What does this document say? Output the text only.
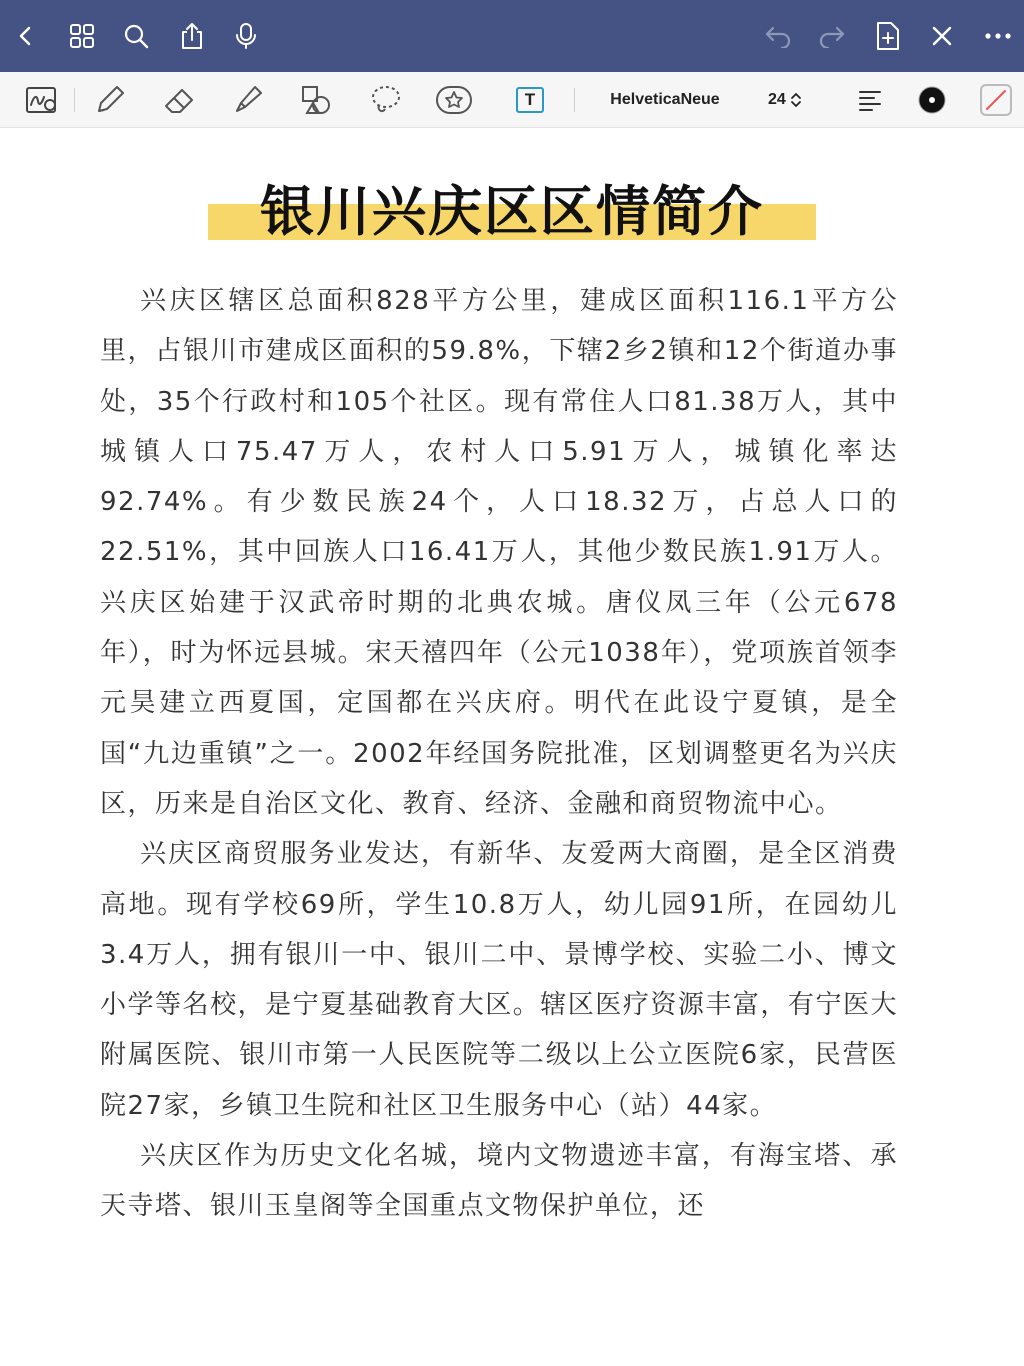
T	HelveticaNeue	24
银川兴庆区区情简介

兴庆区辖区总面积828平方公里，建成区面积116.1平方公里，占银川市建成区面积的59.8%，下辖2乡2镇和12个街道办事处，35个行政村和105个社区。现有常住人口81.38万人，其中城镇人口75.47万人，农村人口5.91万人，城镇化率达92.74%。有少数民族24个，人口18.32万，占总人口的22.51%，其中回族人口16.41万人，其他少数民族1.91万人。兴庆区始建于汉武帝时期的北典农城。唐仪凤三年（公元678年），时为怀远县城。宋天禧四年（公元1038年），党项族首领李元昊建立西夏国，定国都在兴庆府。明代在此设宁夏镇，是全国“九边重镇”之一。2002年经国务院批准，区划调整更名为兴庆区，历来是自治区文化、教育、经济、金融和商贸物流中心。

兴庆区商贸服务业发达，有新华、友爱两大商圈，是全区消费高地。现有学校69所，学生10.8万人，幼儿园91所，在园幼儿3.4万人，拥有银川一中、银川二中、景博学校、实验二小、博文小学等名校，是宁夏基础教育大区。辖区医疗资源丰富，有宁医大附属医院、银川市第一人民医院等二级以上公立医院6家，民营医院27家，乡镇卫生院和社区卫生服务中心（站）44家。

兴庆区作为历史文化名城，境内文物遗迹丰富，有海宝塔、承天寺塔、银川玉皇阁等全国重点文物保护单位，还
